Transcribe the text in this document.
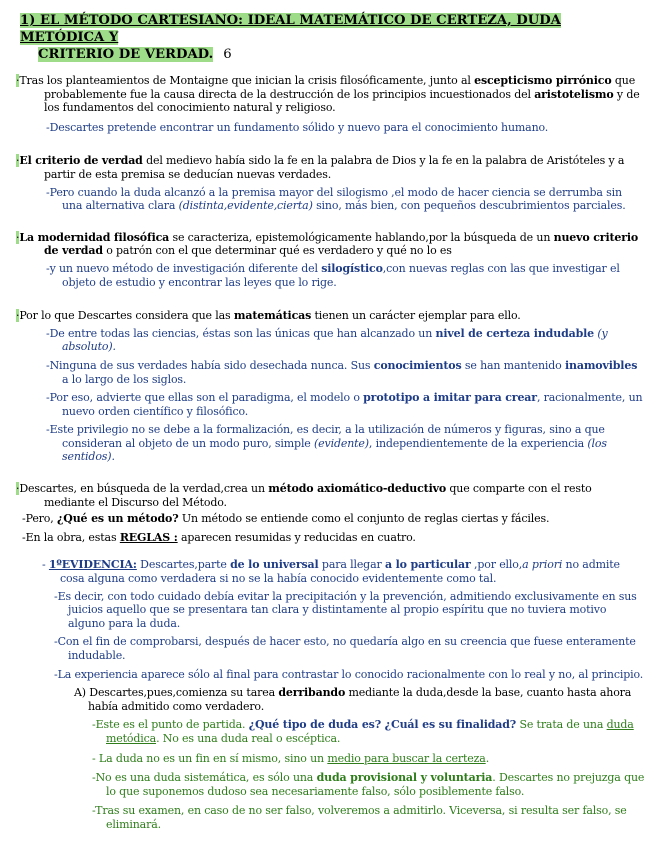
1) EL MÉTODO CARTESIANO: IDEAL MATEMÁTICO DE CERTEZA, DUDA METÓDICA Y
CRITERIO DE VERDAD. 6

·Tras los planteamientos de Montaigne que inician la crisis filosóficamente, junto al escepticismo pirrónico que probablemente fue la causa directa de la destrucción de los principios incuestionados del aristotelismo y de los fundamentos del conocimiento natural y religioso.

-Descartes pretende encontrar un fundamento sólido y nuevo para el conocimiento humano.

·El criterio de verdad del medievo había sido la fe en la palabra de Dios y la fe en la palabra de Aristóteles y a partir de esta premisa se deducían nuevas verdades.

-Pero cuando la duda alcanzó a la premisa mayor del silogismo ,el modo de hacer ciencia se derrumba sin una alternativa clara (distinta,evidente,cierta) sino, más bien, con pequeños descubrimientos parciales.

·La modernidad filosófica se caracteriza, epistemológicamente hablando,por la búsqueda de un nuevo criterio de verdad o patrón con el que determinar qué es verdadero y qué no lo es

-y un nuevo método de investigación diferente del silogístico,con nuevas reglas con las que investigar el objeto de estudio y encontrar las leyes que lo rige.

·Por lo que Descartes considera que las matemáticas tienen un carácter ejemplar para ello.

-De entre todas las ciencias, éstas son las únicas que han alcanzado un nivel de certeza indudable (y absoluto).

-Ninguna de sus verdades había sido desechada nunca. Sus conocimientos se han mantenido inamovibles a lo largo de los siglos.

-Por eso, advierte que ellas son el paradigma, el modelo o prototipo a imitar para crear, racionalmente, un nuevo orden científico y filosófico.

-Este privilegio no se debe a la formalización, es decir, a la utilización de números y figuras, sino a que consideran al objeto de un modo puro, simple (evidente), independientemente de la experiencia (los sentidos).

·Descartes, en búsqueda de la verdad,crea un método axiomático-deductivo que comparte con el resto mediante el Discurso del Método.

-Pero, ¿Qué es un método? Un método se entiende como el conjunto de reglas ciertas y fáciles.

-En la obra, estas REGLAS : aparecen resumidas y reducidas en cuatro.

- 1ºEVIDENCIA: Descartes,parte de lo universal para llegar a lo particular ,por ello,a priori no admite cosa alguna como verdadera si no se la había conocido evidentemente como tal.

-Es decir, con todo cuidado debía evitar la precipitación y la prevención, admitiendo exclusivamente en sus juicios aquello que se presentara tan clara y distintamente al propio espíritu que no tuviera motivo alguno para la duda.

-Con el fin de comprobarsi, después de hacer esto, no quedaría algo en su creencia que fuese enteramente indudable.

-La experiencia aparece sólo al final para contrastar lo conocido racionalmente con lo real y no, al principio.

A) Descartes,pues,comienza su tarea derribando mediante la duda,desde la base, cuanto hasta ahora había admitido como verdadero.

-Este es el punto de partida. ¿Qué tipo de duda es? ¿Cuál es su finalidad? Se trata de una duda metódica. No es una duda real o escéptica.

- La duda no es un fin en sí mismo, sino un medio para buscar la certeza.

-No es una duda sistemática, es sólo una duda provisional y voluntaria. Descartes no prejuzga que lo que suponemos dudoso sea necesariamente falso, sólo posiblemente falso.

-Tras su examen, en caso de no ser falso, volveremos a admitirlo. Viceversa, si resulta ser falso, se eliminará.
